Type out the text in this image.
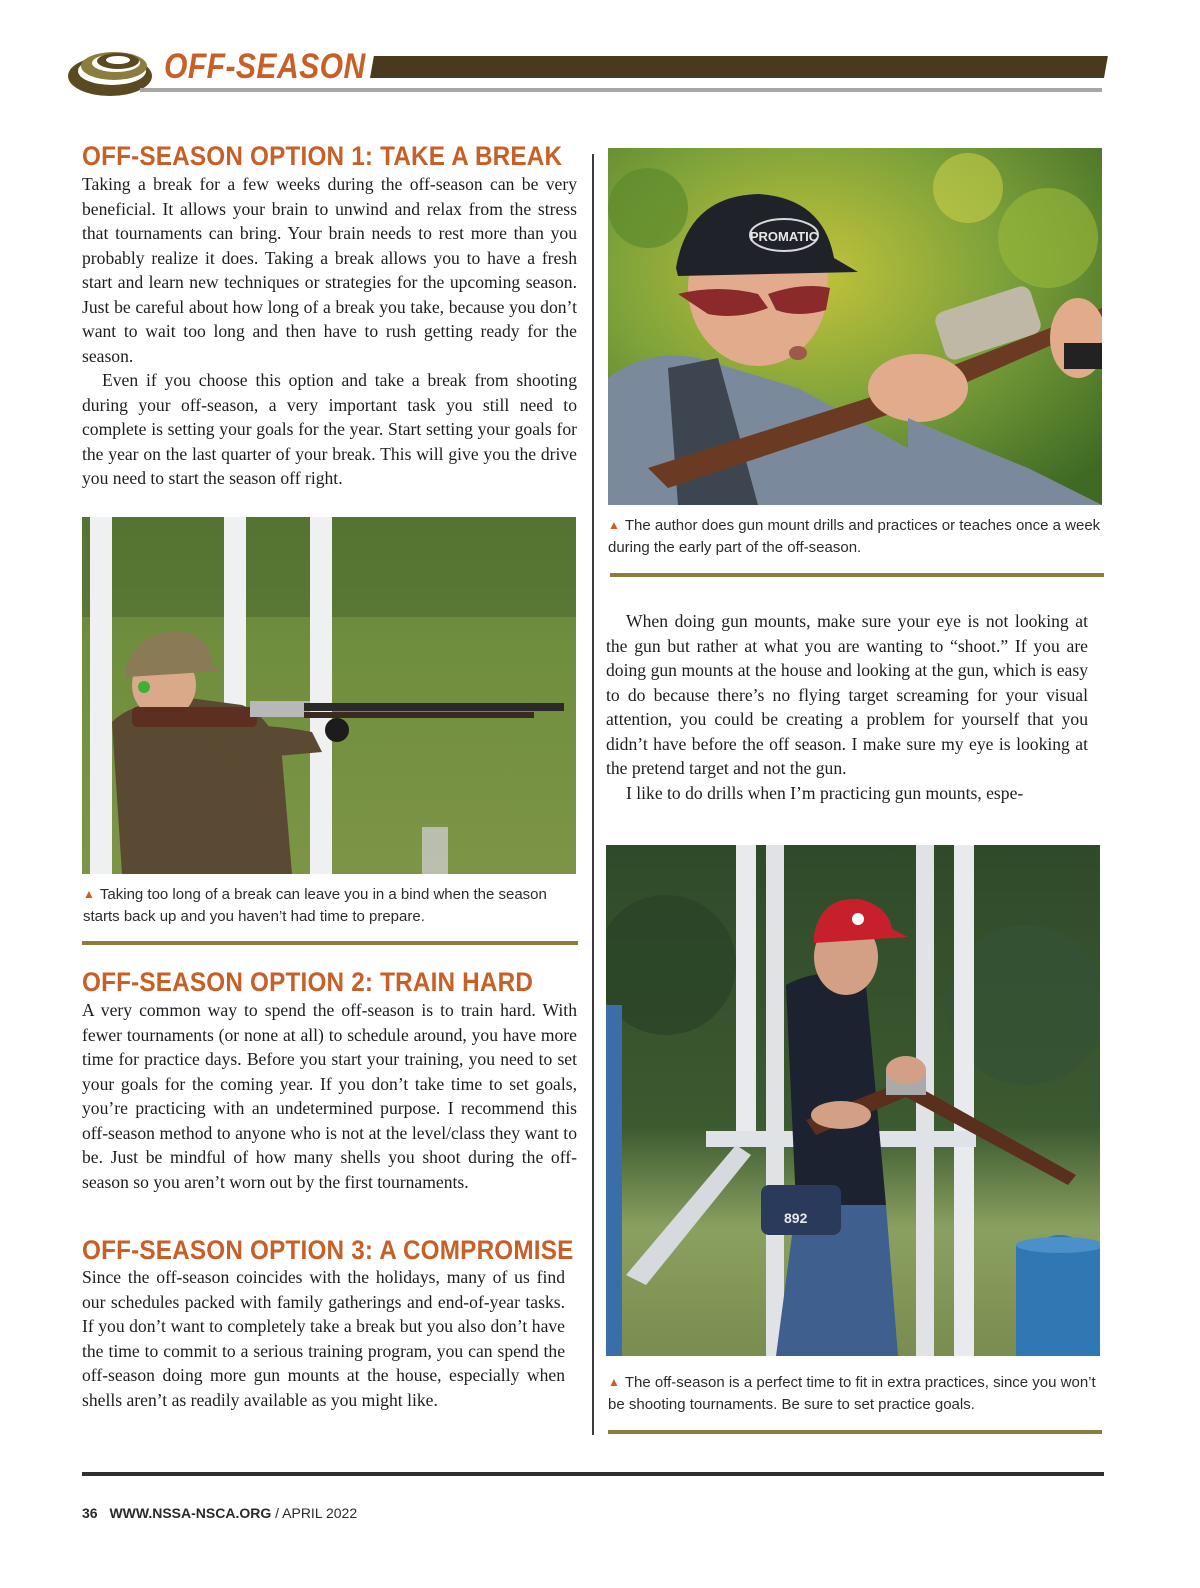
OFF-SEASON
OFF-SEASON OPTION 1: TAKE A BREAK

Taking a break for a few weeks during the off-season can be very beneficial. It allows your brain to unwind and relax from the stress that tournaments can bring. Your brain needs to rest more than you probably realize it does. Taking a break allows you to have a fresh start and learn new techniques or strategies for the upcoming season. Just be careful about how long of a break you take, because you don’t want to wait too long and then have to rush getting ready for the season.

Even if you choose this option and take a break from shooting during your off-season, a very important task you still need to complete is setting your goals for the year. Start setting your goals for the year on the last quarter of your break. This will give you the drive you need to start the season off right.

▲ Taking too long of a break can leave you in a bind when the season starts back up and you haven’t had time to prepare.
OFF-SEASON OPTION 2: TRAIN HARD

A very common way to spend the off-season is to train hard. With fewer tournaments (or none at all) to schedule around, you have more time for practice days. Before you start your training, you need to set your goals for the coming year. If you don’t take time to set goals, you’re practicing with an undetermined purpose. I recommend this off-season method to anyone who is not at the level/class they want to be. Just be mindful of how many shells you shoot during the off-season so you aren’t worn out by the first tournaments.

OFF-SEASON OPTION 3: A COMPROMISE

Since the off-season coincides with the holidays, many of us find our schedules packed with family gatherings and end-of-year tasks. If you don’t want to completely take a break but you also don’t have the time to commit to a serious training program, you can spend the off-season doing more gun mounts at the house, especially when shells aren’t as readily available as you might like.

PROMATIC
▲ The author does gun mount drills and practices or teaches once a week during the early part of the off-season.

When doing gun mounts, make sure your eye is not looking at the gun but rather at what you are wanting to “shoot.” If you are doing gun mounts at the house and looking at the gun, which is easy to do because there’s no flying target screaming for your visual attention, you could be creating a problem for yourself that you didn’t have before the off season. I make sure my eye is looking at the pretend target and not the gun.

I like to do drills when I’m practicing gun mounts, espe-

892
▲ The off-season is a perfect time to fit in extra practices, since you won’t be shooting tournaments. Be sure to set practice goals.
36 WWW.NSSA-NSCA.ORG / APRIL 2022
